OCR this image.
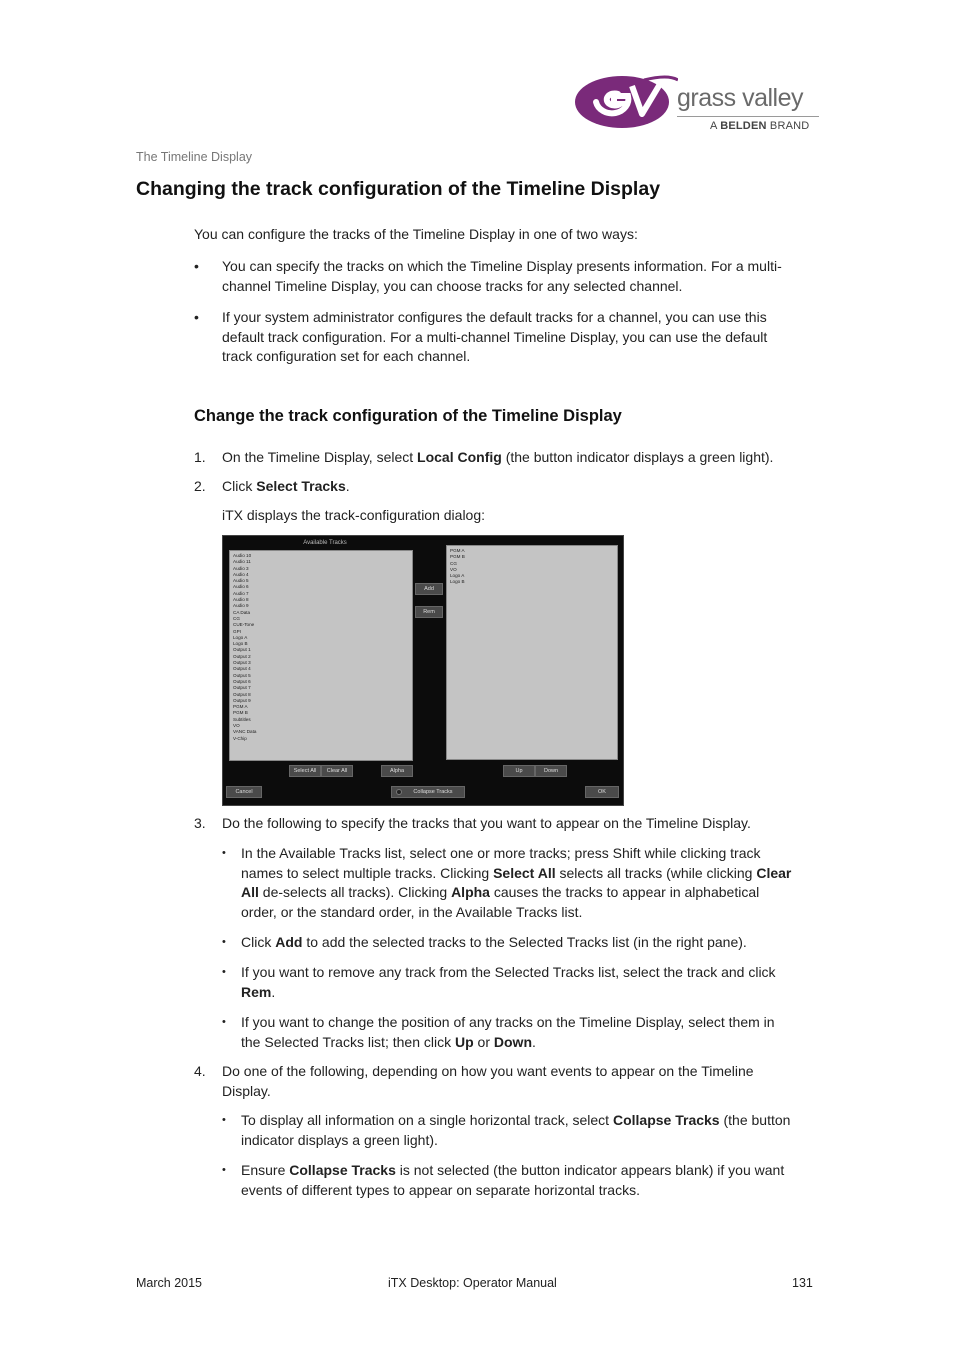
grass valley
A BELDEN BRAND
The Timeline Display
Changing the track configuration of the Timeline Display
You can configure the tracks of the Timeline Display in one of two ways:
• You can specify the tracks on which the Timeline Display presents information. For a multi-
channel Timeline Display, you can choose tracks for any selected channel.
• If your system administrator configures the default tracks for a channel, you can use this
default track configuration. For a multi-channel Timeline Display, you can use the default
track configuration set for each channel.
Change the track configuration of the Timeline Display
1. On the Timeline Display, select Local Config (the button indicator displays a green light).
2. Click Select Tracks.
iTX displays the track-configuration dialog:
Available Tracks
Audio 10
Audio 11
Audio 3
Audio 4
Audio 5
Audio 6
Audio 7
Audio 8
Audio 9
CA Data
CG
CUE-Tone
GPI
Logo A
Logo B
Output 1
Output 2
Output 3
Output 4
Output 5
Output 6
Output 7
Output 8
Output 9
PGM A
PGM B
Subtitles
VO
VANC Data
V-Chip
Add
Rem
PGM A
PGM B
CG
VO
Logo A
Logo B
Select All	Clear All	Alpha	Up	Down
Cancel	Collapse Tracks	OK
3. Do the following to specify the tracks that you want to appear on the Timeline Display.
• In the Available Tracks list, select one or more tracks; press Shift while clicking track
names to select multiple tracks. Clicking Select All selects all tracks (while clicking Clear
All de-selects all tracks). Clicking Alpha causes the tracks to appear in alphabetical
order, or the standard order, in the Available Tracks list.
• Click Add to add the selected tracks to the Selected Tracks list (in the right pane).
• If you want to remove any track from the Selected Tracks list, select the track and click
Rem.
• If you want to change the position of any tracks on the Timeline Display, select them in
the Selected Tracks list; then click Up or Down.
4. Do one of the following, depending on how you want events to appear on the Timeline
Display.
• To display all information on a single horizontal track, select Collapse Tracks (the button
indicator displays a green light).
• Ensure Collapse Tracks is not selected (the button indicator appears blank) if you want
events of different types to appear on separate horizontal tracks.
March 2015	iTX Desktop: Operator Manual	131
